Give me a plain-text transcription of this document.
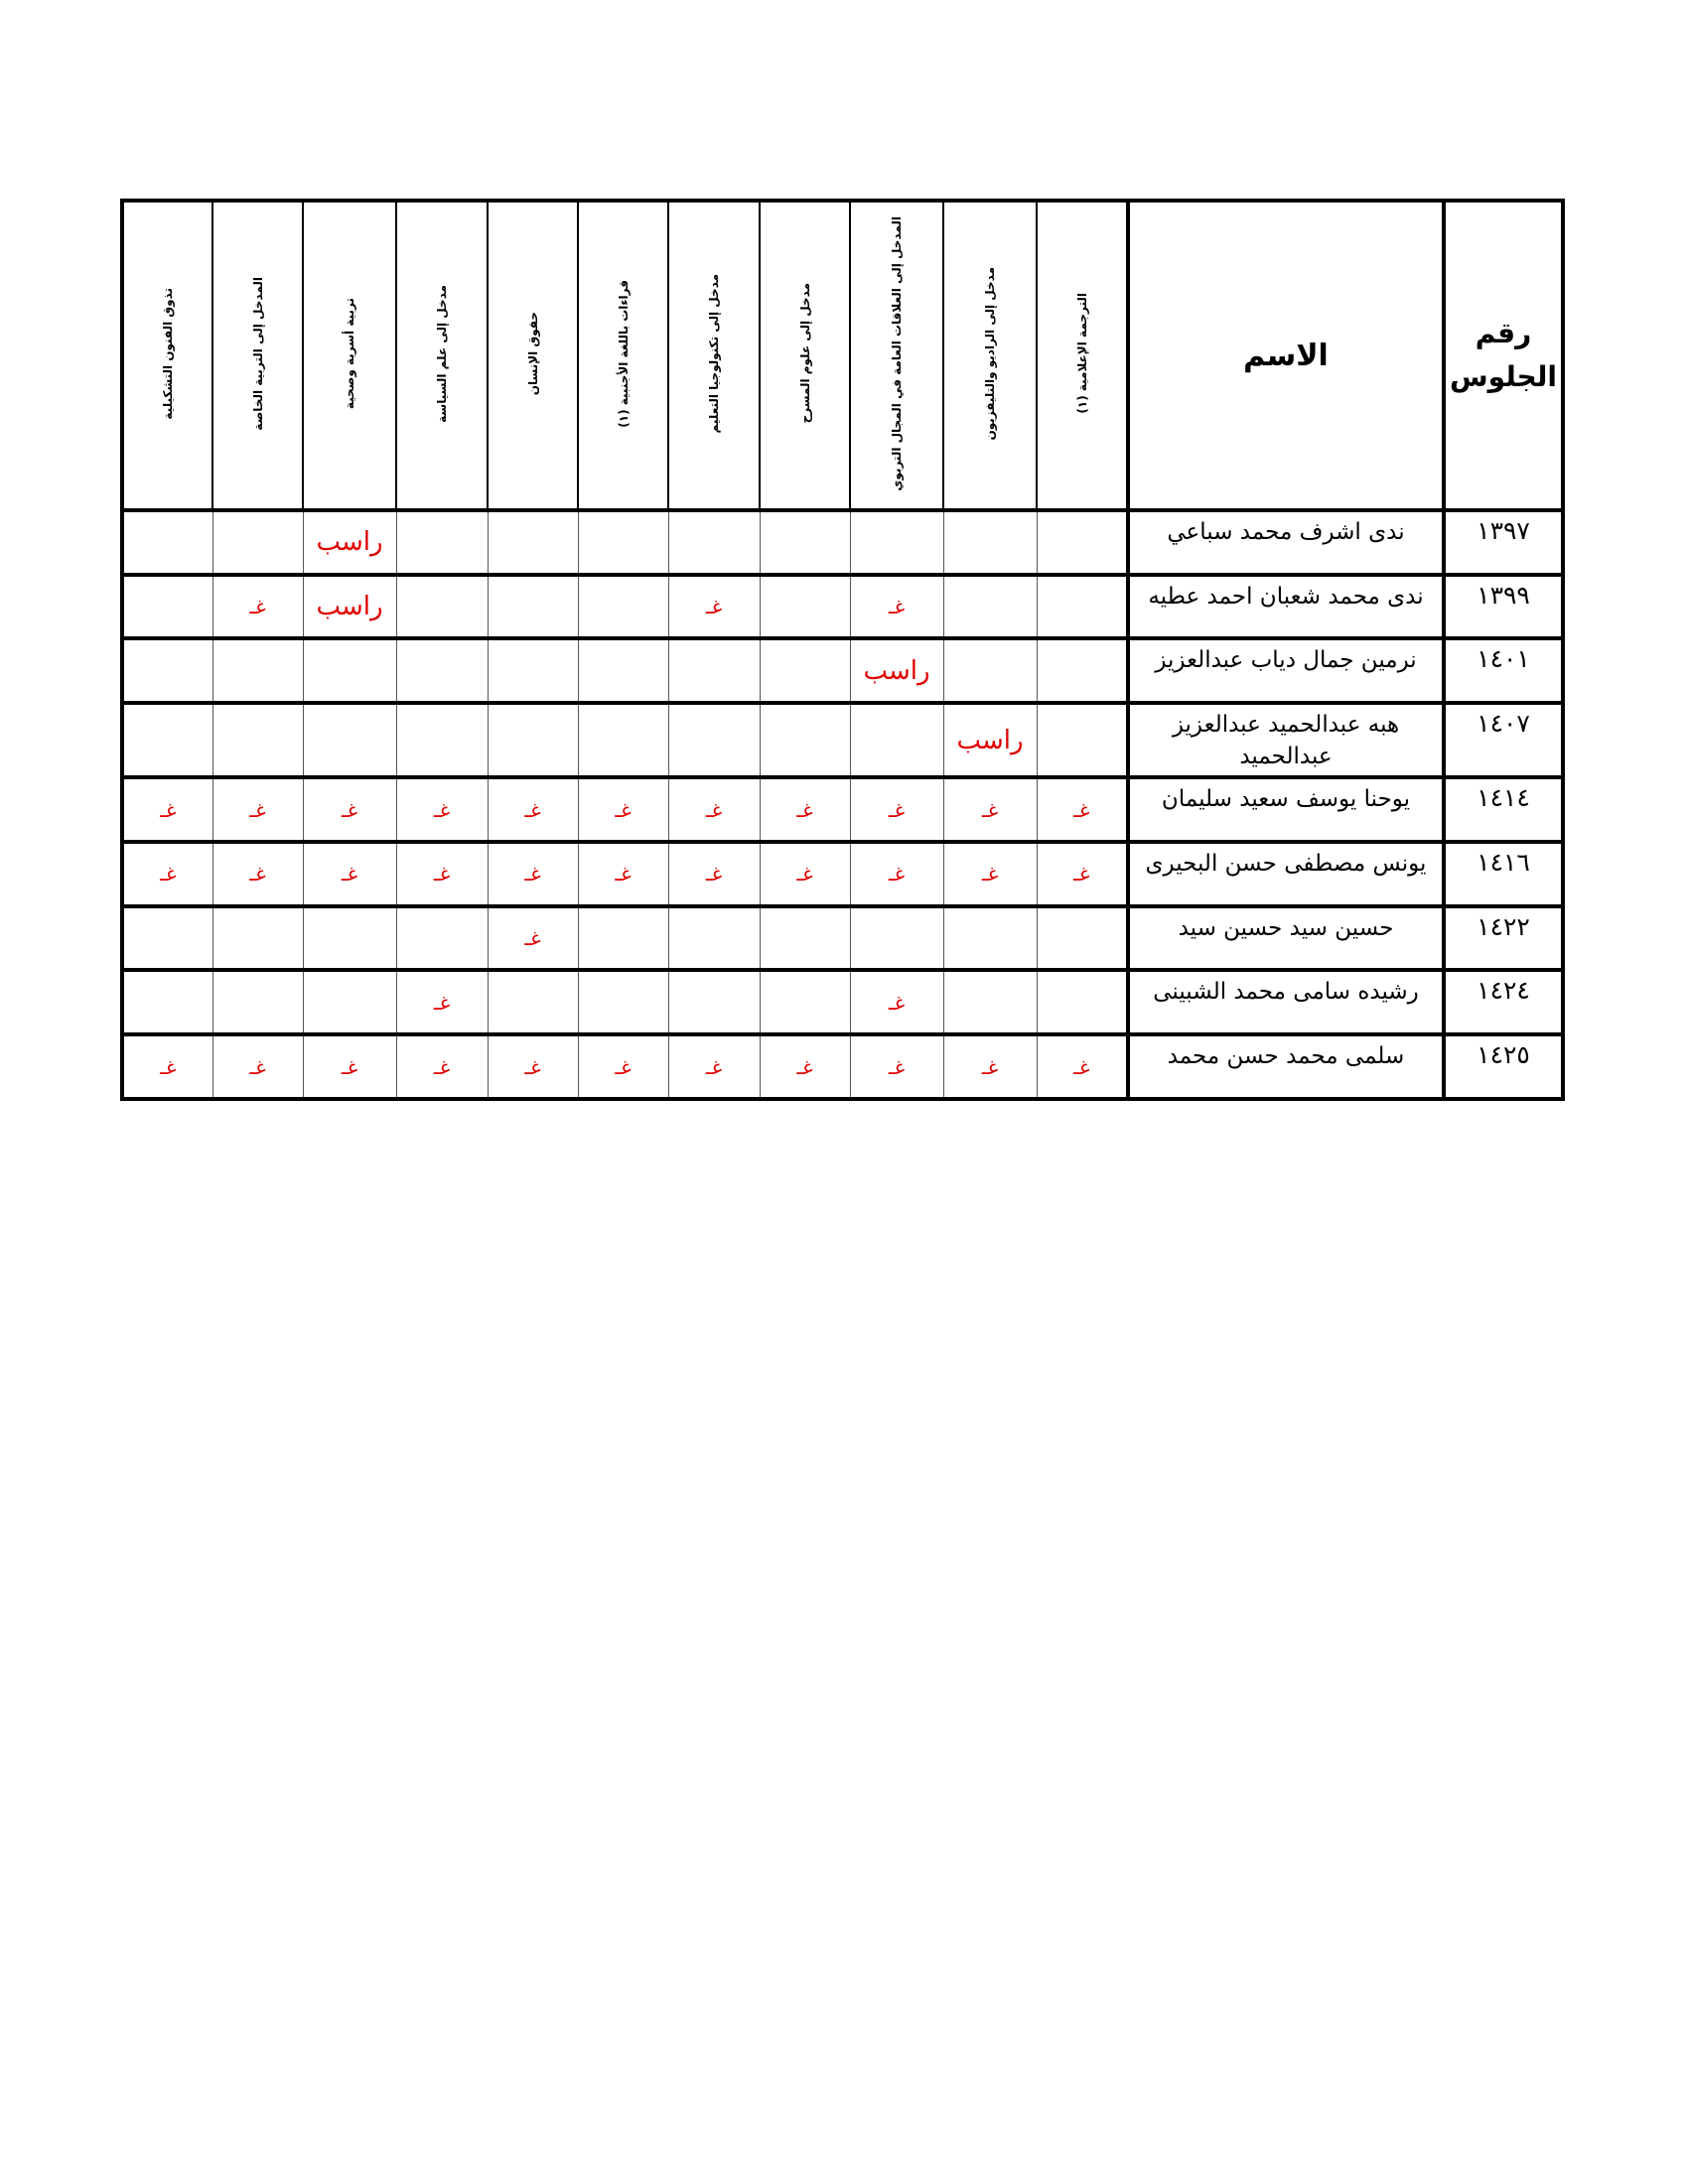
تذوق الفنون التشكيلية	المدخل إلى التربية الخاصة	تربية أسرية وصحية	مدخل إلى علم السياسة	حقوق الإنسان	قراءات باللغة الأجنبية (١)	مدخل إلى تكنولوجيا التعليم	مدخل إلى علوم المسرح	المدخل إلى العلاقات العامة في المجال التربوي	مدخل إلى الراديو والتليفزيون	الترجمة الإعلامية (١)	الاسم	رقم الجلوس
		راسب									ندى اشرف محمد سباعي	١٣٩٧
	غـ	راسب				غـ		غـ			ندى محمد شعبان احمد عطيه	١٣٩٩
								راسب			نرمين جمال دياب عبدالعزيز	١٤٠١
									راسب		هبه عبدالحميد عبدالعزيز عبدالحميد	١٤٠٧
غـ	غـ	غـ	غـ	غـ	غـ	غـ	غـ	غـ	غـ	غـ	يوحنا يوسف سعيد سليمان	١٤١٤
غـ	غـ	غـ	غـ	غـ	غـ	غـ	غـ	غـ	غـ	غـ	يونس مصطفى حسن البحيرى	١٤١٦
				غـ							حسين سيد حسين سيد	١٤٢٢
			غـ					غـ			رشيده سامى محمد الشبينى	١٤٢٤
غـ	غـ	غـ	غـ	غـ	غـ	غـ	غـ	غـ	غـ	غـ	سلمى محمد حسن محمد	١٤٢٥
